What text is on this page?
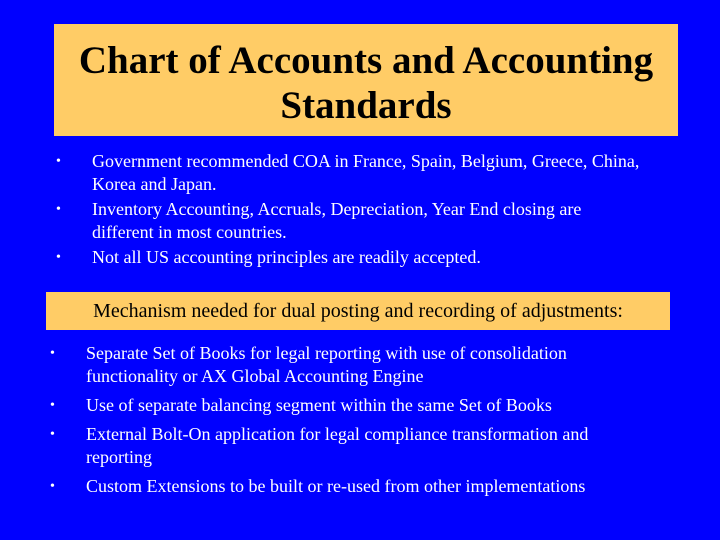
Chart of Accounts and Accounting
Standards
• Government recommended COA in France, Spain, Belgium, Greece, China,
Korea and Japan.
• Inventory Accounting, Accruals, Depreciation, Year End closing are
different in most countries.
• Not all US accounting principles are readily accepted.
Mechanism needed for dual posting and recording of adjustments:
• Separate Set of Books for legal reporting with use of consolidation
functionality or AX Global Accounting Engine
• Use of separate balancing segment within the same Set of Books
• External Bolt-On application for legal compliance transformation and
reporting
• Custom Extensions to be built or re-used from other implementations
